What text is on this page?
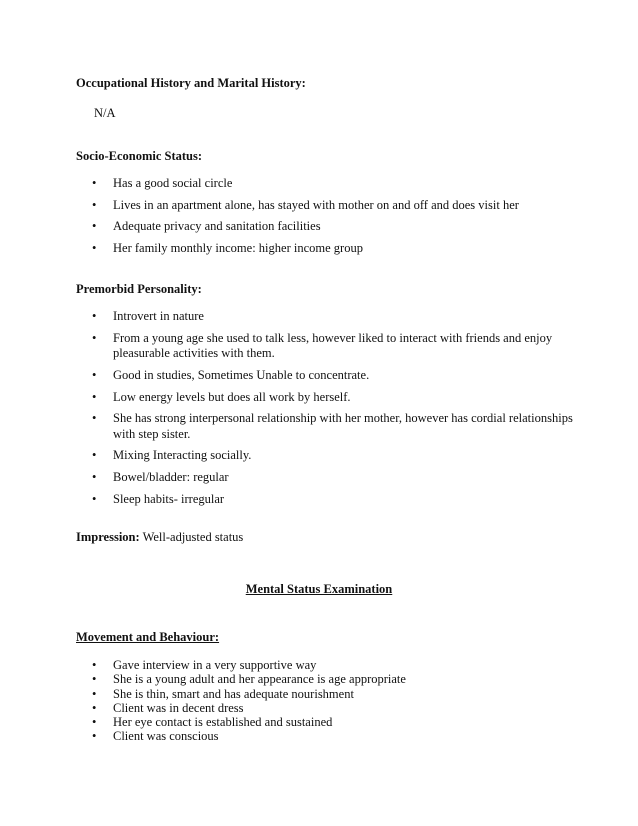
Occupational History and Marital History:
N/A
Socio-Economic Status:
• Has a good social circle
• Lives in an apartment alone, has stayed with mother on and off and does visit her
• Adequate privacy and sanitation facilities
• Her family monthly income: higher income group
Premorbid Personality:
• Introvert in nature
• From a young age she used to talk less, however liked to interact with friends and enjoy pleasurable activities with them.
• Good in studies, Sometimes Unable to concentrate.
• Low energy levels but does all work by herself.
• She has strong interpersonal relationship with her mother, however has cordial relationships with step sister.
• Mixing Interacting socially.
• Bowel/bladder: regular
• Sleep habits- irregular
Impression: Well-adjusted status
Mental Status Examination
Movement and Behaviour:
• Gave interview in a very supportive way
• She is a young adult and her appearance is age appropriate
• She is thin, smart and has adequate nourishment
• Client was in decent dress
• Her eye contact is established and sustained
• Client was conscious
